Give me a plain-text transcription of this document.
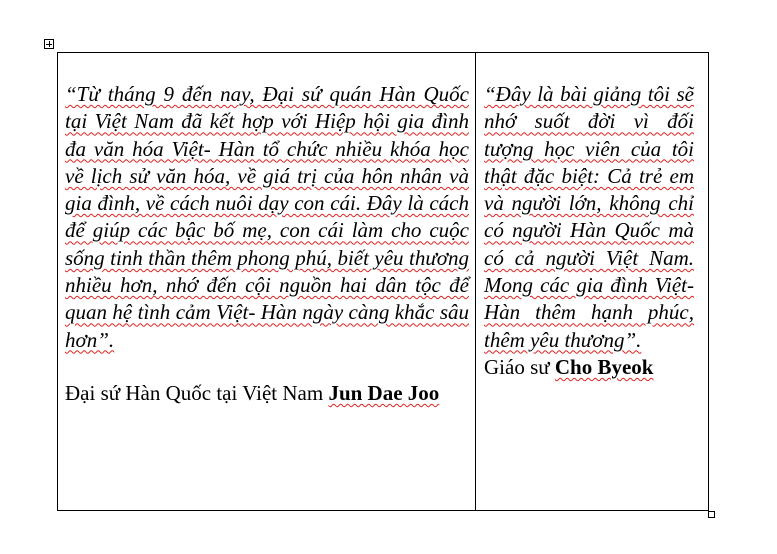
“Từ tháng 9 đến nay, Đại sứ quán Hàn Quốc tại Việt Nam đã kết hợp với Hiệp hội gia đình đa văn hóa Việt- Hàn tổ chức nhiều khóa học về lịch sử văn hóa, về giá trị của hôn nhân và gia đình, về cách nuôi dạy con cái. Đây là cách để giúp các bậc bố mẹ, con cái làm cho cuộc sống tinh thần thêm phong phú, biết yêu thương nhiều hơn, nhớ đến cội nguồn hai dân tộc để quan hệ tình cảm Việt- Hàn ngày càng khắc sâu hơn”.

Đại sứ Hàn Quốc tại Việt Nam Jun Dae Joo

“Đây là bài giảng tôi sẽ nhớ suốt đời vì đối tượng học viên của tôi thật đặc biệt: Cả trẻ em và người lớn, không chỉ có người Hàn Quốc mà có cả người Việt Nam. Mong các gia đình Việt-Hàn thêm hạnh phúc, thêm yêu thương”.

Giáo sư Cho Byeok
